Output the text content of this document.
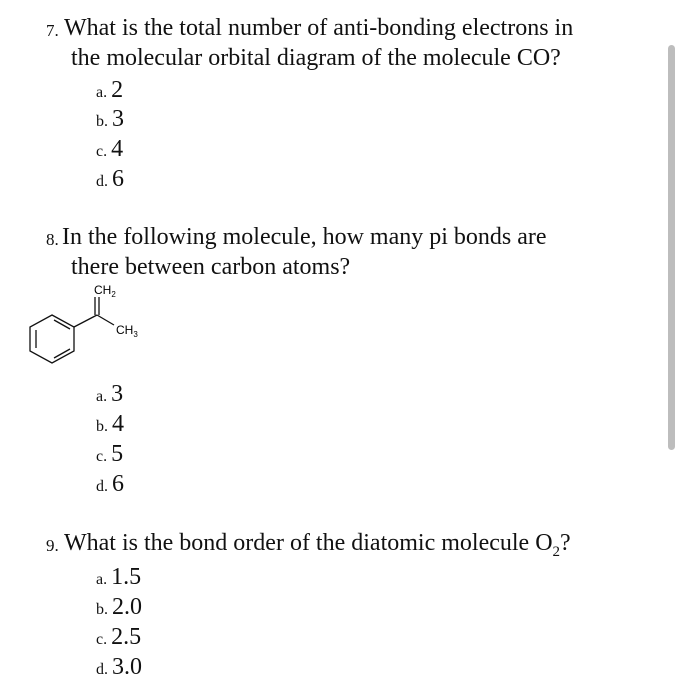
7. What is the total number of anti-bonding electrons in
the molecular orbital diagram of the molecule CO?
a. 2
b. 3
c. 4
d. 6
8. In the following molecule, how many pi bonds are
there between carbon atoms?
$CH_2$
$CH_3$
a. 3
b. 4
c. 5
d. 6
9. What is the bond order of the diatomic molecule $O_2$?
a. 1.5
b. 2.0
c. 2.5
d. 3.0
